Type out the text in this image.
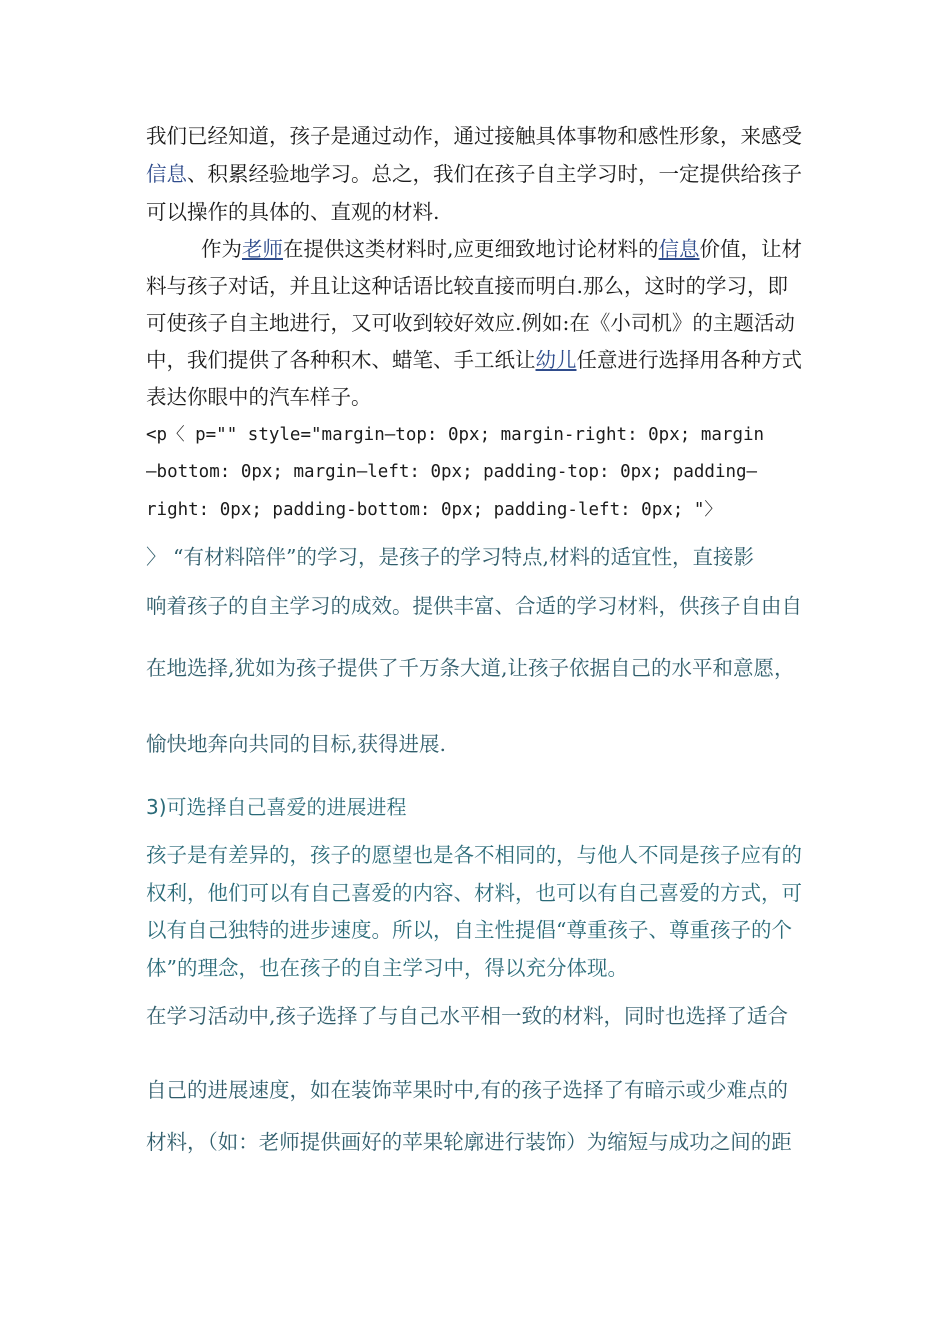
我们已经知道，孩子是通过动作，通过接触具体事物和感性形象，来感受
信息、积累经验地学习。总之，我们在孩子自主学习时，一定提供给孩子
可以操作的具体的、直观的材料.
作为老师在提供这类材料时,应更细致地讨论材料的信息价值，让材
料与孩子对话，并且让这种话语比较直接而明白.那么，这时的学习，即
可使孩子自主地进行，又可收到较好效应.例如:在《小司机》的主题活动
中，我们提供了各种积木、蜡笔、手工纸让幼儿任意进行选择用各种方式
表达你眼中的汽车样子。
<p〈 p="" style="margin—top: 0px; margin-right: 0px; margin
—bottom: 0px; margin—left: 0px; padding-top: 0px; padding—
right: 0px; padding-bottom: 0px; padding-left: 0px; "〉
〉 “有材料陪伴”的学习，是孩子的学习特点,材料的适宜性，直接影
响着孩子的自主学习的成效。提供丰富、合适的学习材料，供孩子自由自
在地选择,犹如为孩子提供了千万条大道,让孩子依据自己的水平和意愿，
愉快地奔向共同的目标,获得进展.
3)可选择自己喜爱的进展进程
孩子是有差异的，孩子的愿望也是各不相同的，与他人不同是孩子应有的
权利，他们可以有自己喜爱的内容、材料，也可以有自己喜爱的方式，可
以有自己独特的进步速度。所以，自主性提倡“尊重孩子、尊重孩子的个
体”的理念，也在孩子的自主学习中，得以充分体现。
在学习活动中,孩子选择了与自己水平相一致的材料，同时也选择了适合
自己的进展速度，如在装饰苹果时中,有的孩子选择了有暗示或少难点的
材料，（如：老师提供画好的苹果轮廓进行装饰）为缩短与成功之间的距
